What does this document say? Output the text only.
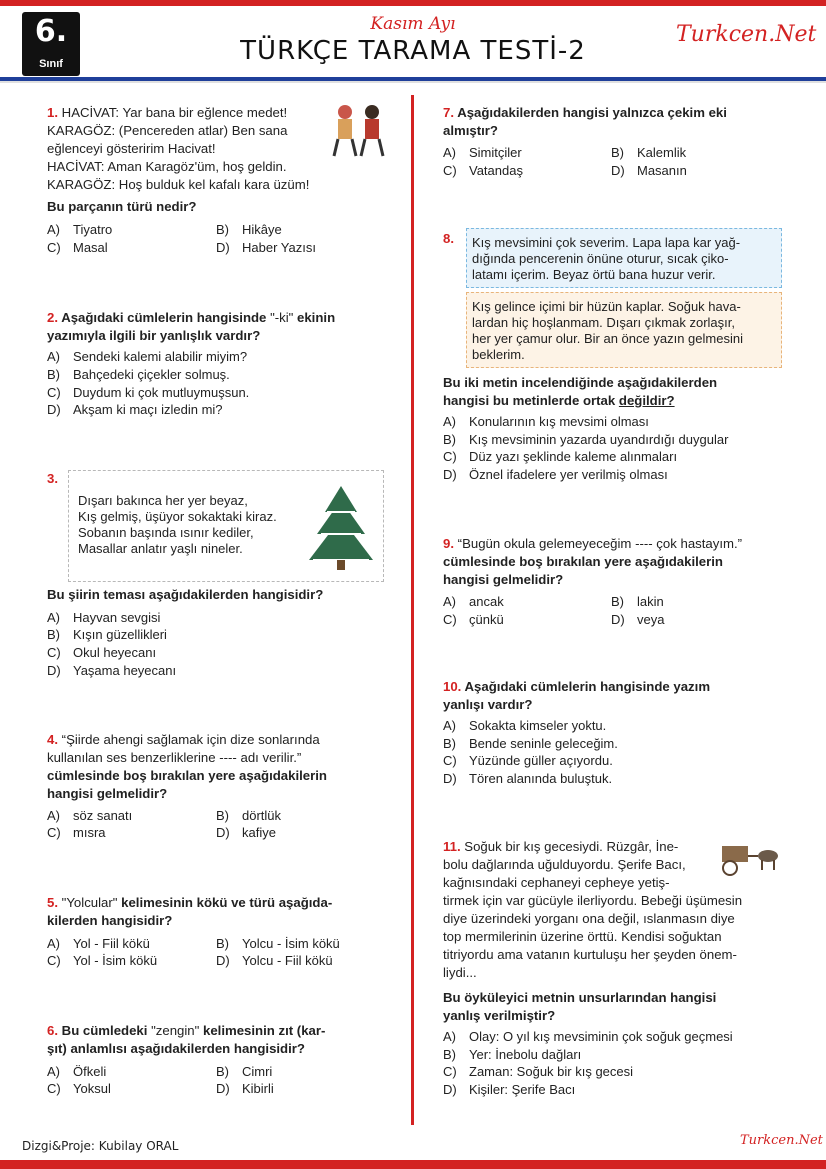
6.
Sınıf
Kasım Ayı
TÜRKÇE TARAMA TESTİ-2
Turkcen.Net
1. HACİVAT: Yar bana bir eğlence medet!
KARAGÖZ: (Pencereden atlar) Ben sana
eğlenceyi gösteririm Hacivat!
HACİVAT: Aman Karagöz'üm, hoş geldin.
KARAGÖZ: Hoş bulduk kel kafalı kara üzüm!
Bu parçanın türü nedir?
A) Tiyatro	B) Hikâye
C) Masal	D) Haber Yazısı
2. Aşağıdaki cümlelerin hangisinde "-ki" ekinin
yazımıyla ilgili bir yanlışlık vardır?
A) Sendeki kalemi alabilir miyim?
B) Bahçedeki çiçekler solmuş.
C) Duydum ki çok mutluymuşsun.
D) Akşam ki maçı izledin mi?
3.
Dışarı bakınca her yer beyaz,
Kış gelmiş, üşüyor sokaktaki kiraz.
Sobanın başında ısınır kediler,
Masallar anlatır yaşlı nineler.
Bu şiirin teması aşağıdakilerden hangisidir?
A) Hayvan sevgisi
B) Kışın güzellikleri
C) Okul heyecanı
D) Yaşama heyecanı
4. “Şiirde ahengi sağlamak için dize sonlarında
kullanılan ses benzerliklerine ---- adı verilir.”
cümlesinde boş bırakılan yere aşağıdakilerin
hangisi gelmelidir?
A) söz sanatı	B) dörtlük
C) mısra	D) kafiye
5. "Yolcular" kelimesinin kökü ve türü aşağıda-
kilerden hangisidir?
A) Yol - Fiil kökü	B) Yolcu - İsim kökü
C) Yol - İsim kökü	D) Yolcu - Fiil kökü
6. Bu cümledeki "zengin" kelimesinin zıt (kar-
şıt) anlamlısı aşağıdakilerden hangisidir?
A) Öfkeli	B) Cimri
C) Yoksul	D) Kibirli
7. Aşağıdakilerden hangisi yalnızca çekim eki
almıştır?
A) Simitçiler	B) Kalemlik
C) Vatandaş	D) Masanın
8. Kış mevsimini çok severim. Lapa lapa kar yağ-
dığında pencerenin önüne oturur, sıcak çiko-
latamı içerim. Beyaz örtü bana huzur verir.
Kış gelince içimi bir hüzün kaplar. Soğuk hava-
lardan hiç hoşlanmam. Dışarı çıkmak zorlaşır,
her yer çamur olur. Bir an önce yazın gelmesini
beklerim.
Bu iki metin incelendiğinde aşağıdakilerden
hangisi bu metinlerde ortak değildir?
A) Konularının kış mevsimi olması
B) Kış mevsiminin yazarda uyandırdığı duygular
C) Düz yazı şeklinde kaleme alınmaları
D) Öznel ifadelere yer verilmiş olması
9. “Bugün okula gelemeyeceğim ---- çok hastayım.”
cümlesinde boş bırakılan yere aşağıdakilerin
hangisi gelmelidir?
A) ancak	B) lakin
C) çünkü	D) veya
10. Aşağıdaki cümlelerin hangisinde yazım
yanlışı vardır?
A) Sokakta kimseler yoktu.
B) Bende seninle geleceğim.
C) Yüzünde güller açıyordu.
D) Tören alanında buluştuk.
11. Soğuk bir kış gecesiydi. Rüzgâr, İne-
bolu dağlarında uğulduyordu. Şerife Bacı,
kağnısındaki cephaneyi cepheye yetiş-
tirmek için var gücüyle ilerliyordu. Bebeği üşümesin
diye üzerindeki yorganı ona değil, ıslanmasın diye
top mermilerinin üzerine örttü. Kendisi soğuktan
titriyordu ama vatanın kurtuluşu her şeyden önem-
liydi...
Bu öyküleyici metnin unsurlarından hangisi
yanlış verilmiştir?
A) Olay: O yıl kış mevsiminin çok soğuk geçmesi
B) Yer: İnebolu dağları
C) Zaman: Soğuk bir kış gecesi
D) Kişiler: Şerife Bacı
Dizgi&Proje: Kubilay ORAL	Turkcen.Net
